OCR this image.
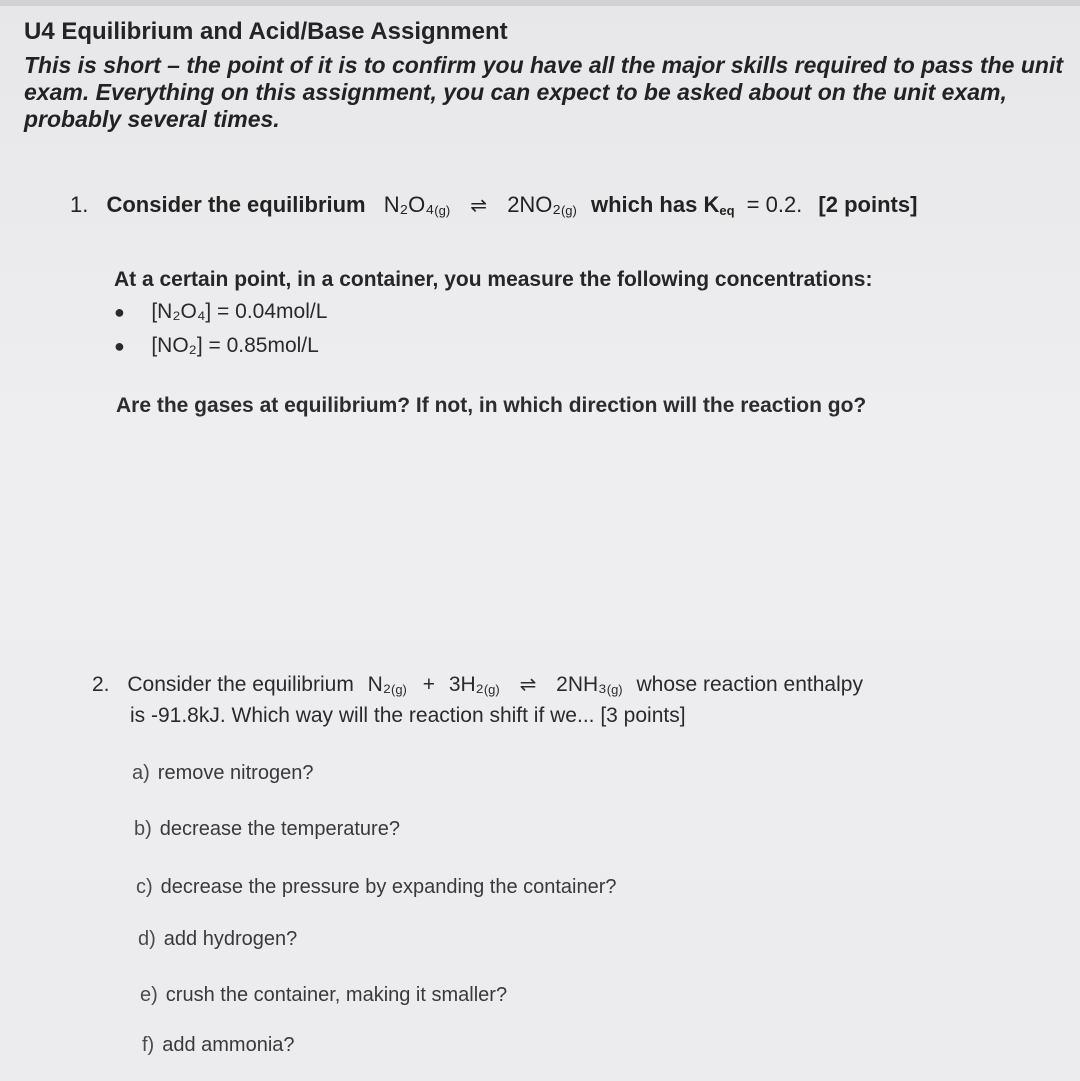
U4 Equilibrium and Acid/Base Assignment
This is short – the point of it is to confirm you have all the major skills required to pass the unit exam. Everything on this assignment, you can expect to be asked about on the unit exam, probably several times.
1. Consider the equilibrium $N_2O_4_{(g)}$ ⇌ $2NO_2_{(g)}$ which has $K_{eq} = 0.2$. [2 points]
At a certain point, in a container, you measure the following concentrations:
● [N₂O₄] = 0.04mol/L
● [NO₂] = 0.85mol/L
Are the gases at equilibrium? If not, in which direction will the reaction go?
2. Consider the equilibrium $N_2_{(g)} + 3H_2_{(g)}$ ⇌ $2NH_3_{(g)}$ whose reaction enthalpy
is -91.8kJ. Which way will the reaction shift if we... [3 points]
a) remove nitrogen?
b) decrease the temperature?
c) decrease the pressure by expanding the container?
d) add hydrogen?
e) crush the container, making it smaller?
f) add ammonia?
